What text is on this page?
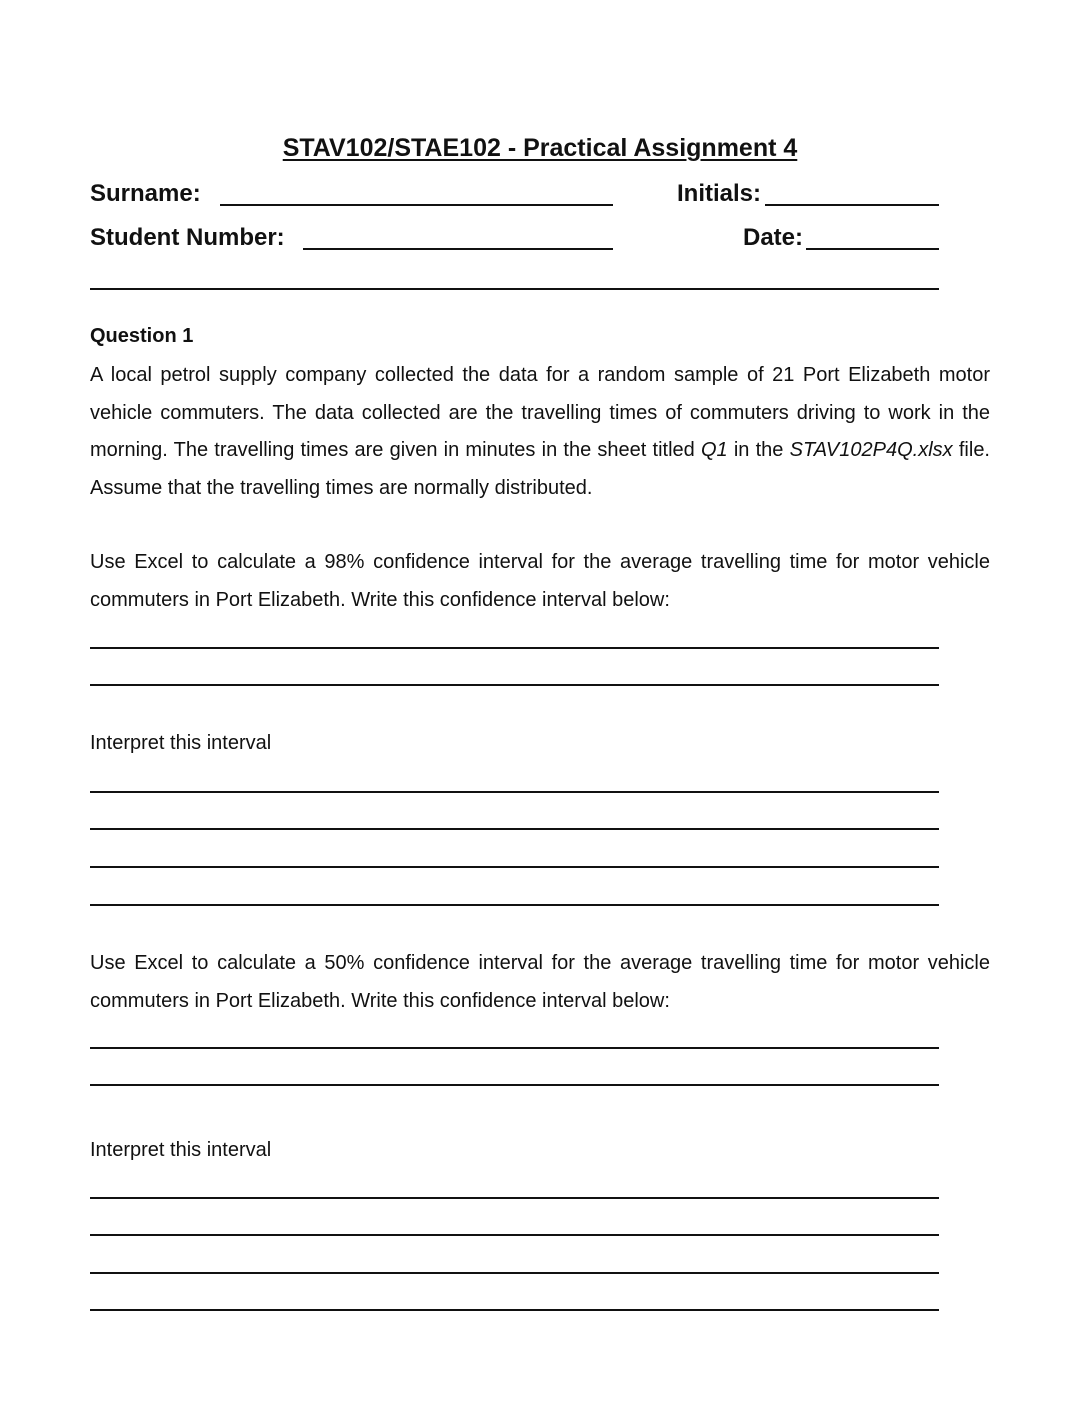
STAV102/STAE102 - Practical Assignment 4
Surname:	Initials:
Student Number:	Date:
Question 1
A local petrol supply company collected the data for a random sample of 21 Port Elizabeth motor vehicle commuters. The data collected are the travelling times of commuters driving to work in the morning. The travelling times are given in minutes in the sheet titled Q1 in the STAV102P4Q.xlsx file. Assume that the travelling times are normally distributed.
Use Excel to calculate a 98% confidence interval for the average travelling time for motor vehicle commuters in Port Elizabeth. Write this confidence interval below:
Interpret this interval
Use Excel to calculate a 50% confidence interval for the average travelling time for motor vehicle commuters in Port Elizabeth. Write this confidence interval below:
Interpret this interval
